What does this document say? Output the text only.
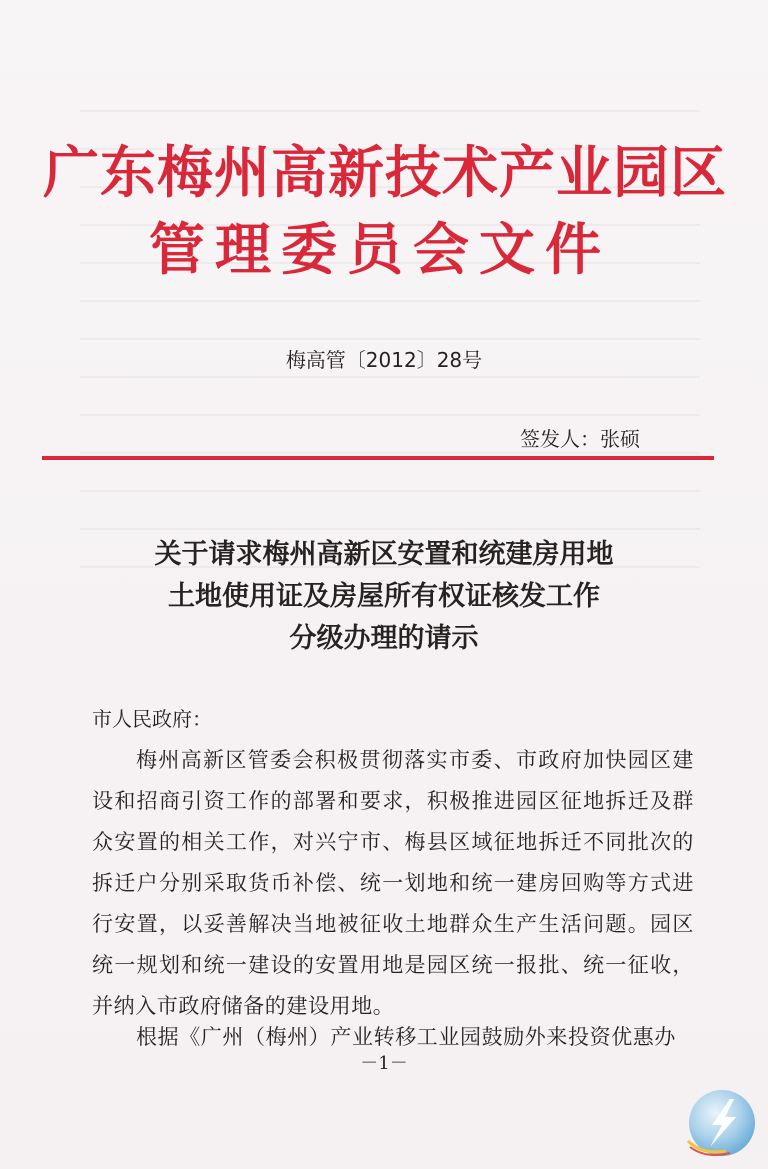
广东梅州高新技术产业园区
管理委员会文件
梅高管〔2012〕28号
签发人：张硕
关于请求梅州高新区安置和统建房用地
土地使用证及房屋所有权证核发工作
分级办理的请示
市人民政府：

梅州高新区管委会积极贯彻落实市委、市政府加快园区建设和招商引资工作的部署和要求，积极推进园区征地拆迁及群众安置的相关工作，对兴宁市、梅县区域征地拆迁不同批次的拆迁户分别采取货币补偿、统一划地和统一建房回购等方式进行安置，以妥善解决当地被征收土地群众生产生活问题。园区统一规划和统一建设的安置用地是园区统一报批、统一征收，并纳入市政府储备的建设用地。

根据《广州（梅州）产业转移工业园鼓励外来投资优惠办

－1－
